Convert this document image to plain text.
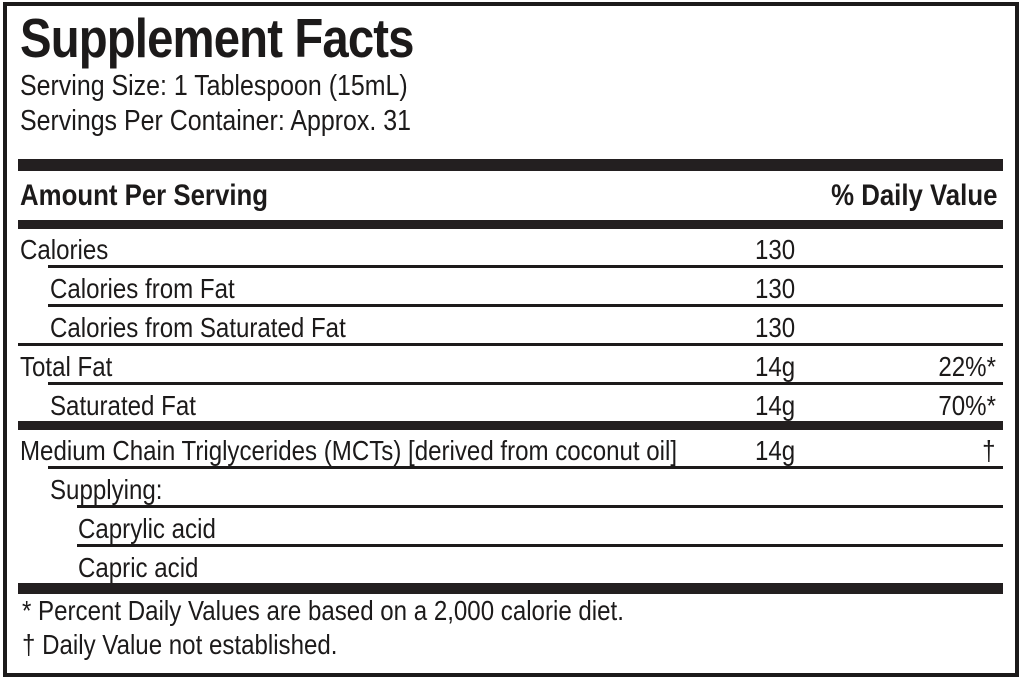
Supplement Facts
Serving Size: 1 Tablespoon (15mL)
Servings Per Container: Approx. 31
Amount Per Serving	% Daily Value
Calories	130
Calories from Fat	130
Calories from Saturated Fat	130
Total Fat	14g	22%*
Saturated Fat	14g	70%*
Medium Chain Triglycerides (MCTs) [derived from coconut oil]	14g	†
Supplying:
Caprylic acid
Capric acid
* Percent Daily Values are based on a 2,000 calorie diet.
† Daily Value not established.
